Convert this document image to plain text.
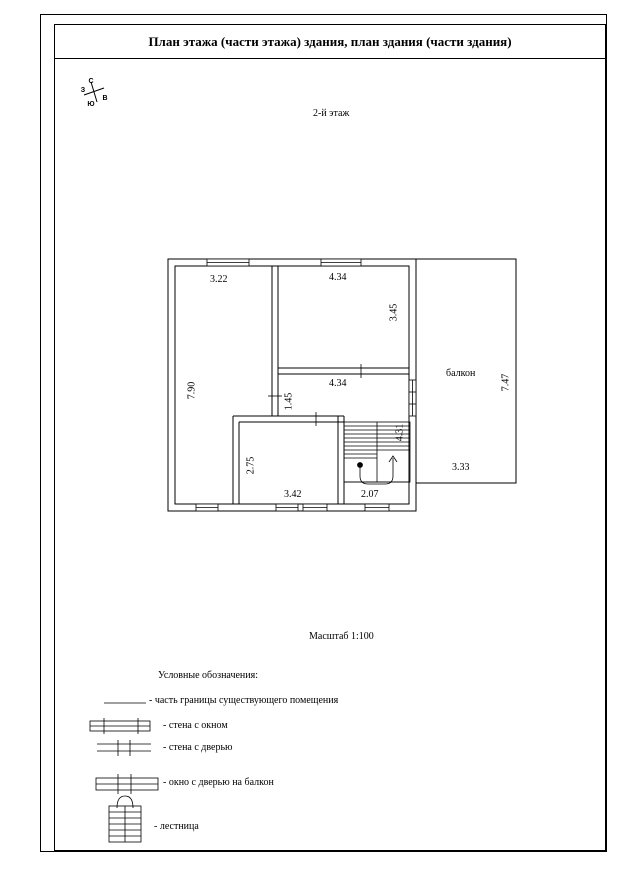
План этажа (части этажа) здания, план здания (части здания)
С
Ю
В
З
2-й этаж
3.22
7.90
4.34
3.45
4.34
1.45
2.75
3.42	2.07
4.31
балкон
7.47
3.33
Масштаб 1:100
Условные обозначения:
- часть границы существующего помещения
- стена с окном
- стена с дверью
- окно с дверью на балкон
- лестница
